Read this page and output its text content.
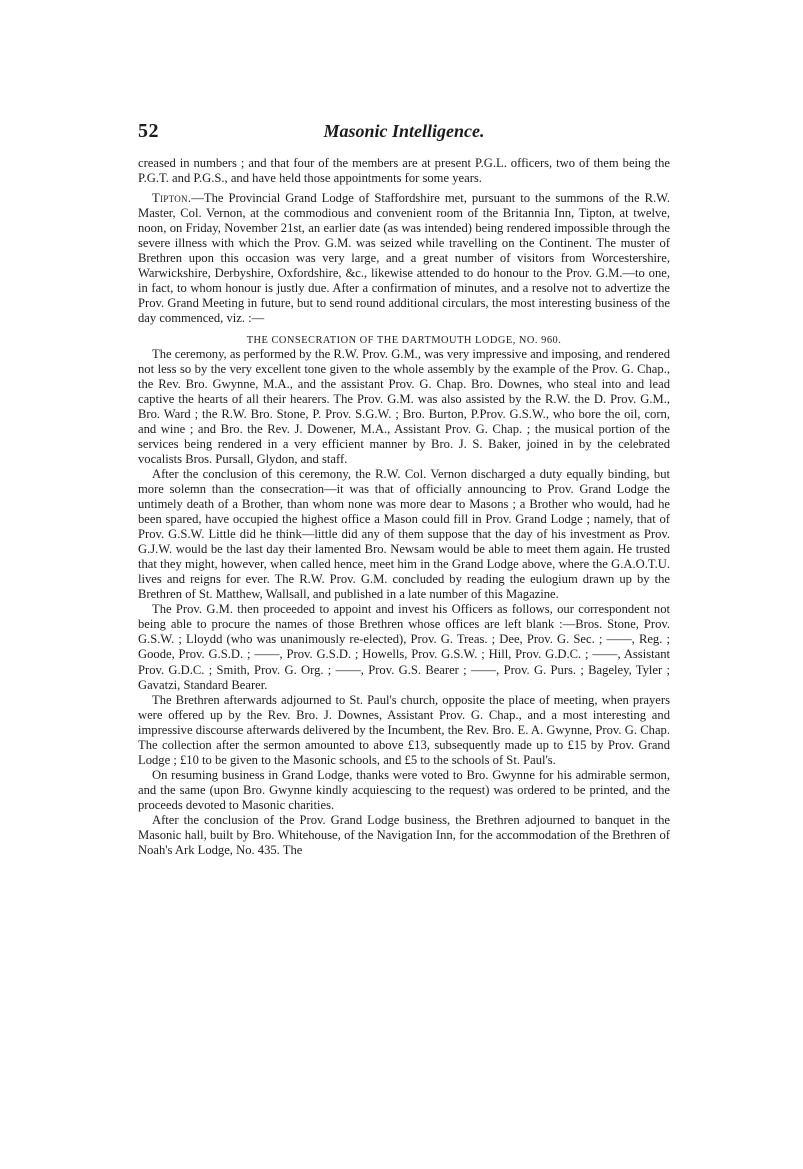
52	Masonic Intelligence.

creased in numbers ; and that four of the members are at present P.G.L. officers, two of them being the P.G.T. and P.G.S., and have held those appointments for some years.

Tipton.—The Provincial Grand Lodge of Staffordshire met, pursuant to the summons of the R.W. Master, Col. Vernon, at the commodious and convenient room of the Britannia Inn, Tipton, at twelve, noon, on Friday, November 21st, an earlier date (as was intended) being rendered impossible through the severe illness with which the Prov. G.M. was seized while travelling on the Continent. The muster of Brethren upon this occasion was very large, and a great number of visitors from Worcestershire, Warwickshire, Derbyshire, Oxfordshire, &c., likewise attended to do honour to the Prov. G.M.—to one, in fact, to whom honour is justly due. After a confirmation of minutes, and a resolve not to advertize the Prov. Grand Meeting in future, but to send round additional circulars, the most interesting business of the day commenced, viz. :—

THE CONSECRATION OF THE DARTMOUTH LODGE, NO. 960.

The ceremony, as performed by the R.W. Prov. G.M., was very impressive and imposing, and rendered not less so by the very excellent tone given to the whole assembly by the example of the Prov. G. Chap., the Rev. Bro. Gwynne, M.A., and the assistant Prov. G. Chap. Bro. Downes, who steal into and lead captive the hearts of all their hearers. The Prov. G.M. was also assisted by the R.W. the D. Prov. G.M., Bro. Ward ; the R.W. Bro. Stone, P. Prov. S.G.W. ; Bro. Burton, P.Prov. G.S.W., who bore the oil, corn, and wine ; and Bro. the Rev. J. Dowener, M.A., Assistant Prov. G. Chap. ; the musical portion of the services being rendered in a very efficient manner by Bro. J. S. Baker, joined in by the celebrated vocalists Bros. Pursall, Glydon, and staff.

After the conclusion of this ceremony, the R.W. Col. Vernon discharged a duty equally binding, but more solemn than the consecration—it was that of officially announcing to Prov. Grand Lodge the untimely death of a Brother, than whom none was more dear to Masons ; a Brother who would, had he been spared, have occupied the highest office a Mason could fill in Prov. Grand Lodge ; namely, that of Prov. G.S.W. Little did he think—little did any of them suppose that the day of his investment as Prov. G.J.W. would be the last day their lamented Bro. Newsam would be able to meet them again. He trusted that they might, however, when called hence, meet him in the Grand Lodge above, where the G.A.O.T.U. lives and reigns for ever. The R.W. Prov. G.M. concluded by reading the eulogium drawn up by the Brethren of St. Matthew, Wallsall, and published in a late number of this Magazine.

The Prov. G.M. then proceeded to appoint and invest his Officers as follows, our correspondent not being able to procure the names of those Brethren whose offices are left blank :—Bros. Stone, Prov. G.S.W. ; Lloydd (who was unanimously re-elected), Prov. G. Treas. ; Dee, Prov. G. Sec. ; ——, Reg. ; Goode, Prov. G.S.D. ; ——, Prov. G.S.D. ; Howells, Prov. G.S.W. ; Hill, Prov. G.D.C. ; ——, Assistant Prov. G.D.C. ; Smith, Prov. G. Org. ; ——, Prov. G.S. Bearer ; ——, Prov. G. Purs. ; Bageley, Tyler ; Gavatzi, Standard Bearer.

The Brethren afterwards adjourned to St. Paul's church, opposite the place of meeting, when prayers were offered up by the Rev. Bro. J. Downes, Assistant Prov. G. Chap., and a most interesting and impressive discourse afterwards delivered by the Incumbent, the Rev. Bro. E. A. Gwynne, Prov. G. Chap. The collection after the sermon amounted to above £13, subsequently made up to £15 by Prov. Grand Lodge ; £10 to be given to the Masonic schools, and £5 to the schools of St. Paul's.

On resuming business in Grand Lodge, thanks were voted to Bro. Gwynne for his admirable sermon, and the same (upon Bro. Gwynne kindly acquiescing to the request) was ordered to be printed, and the proceeds devoted to Masonic charities.

After the conclusion of the Prov. Grand Lodge business, the Brethren adjourned to banquet in the Masonic hall, built by Bro. Whitehouse, of the Navigation Inn, for the accommodation of the Brethren of Noah's Ark Lodge, No. 435. The
